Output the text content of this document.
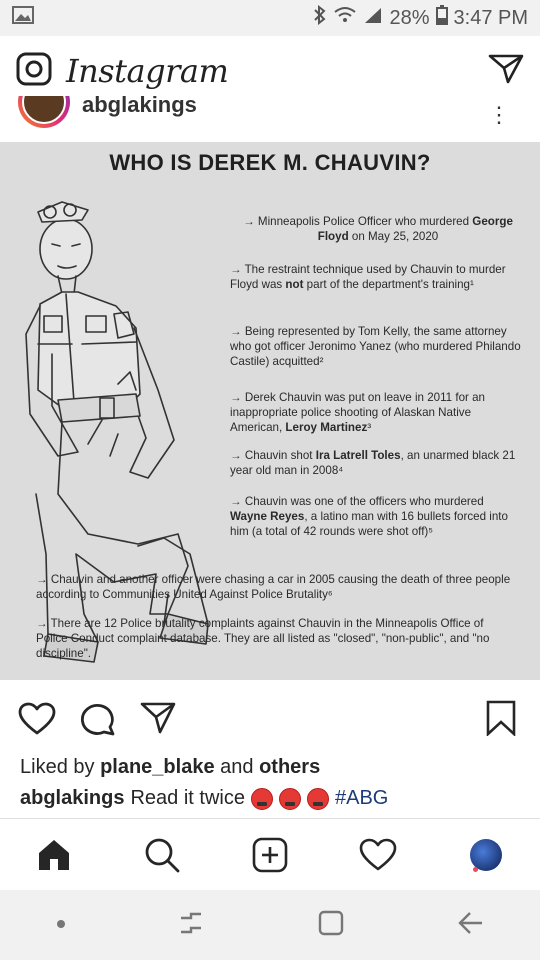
28% 3:47 PM
Instagram
abglakings	⋮
WHO IS DEREK M. CHAUVIN?
→ Minneapolis Police Officer who murdered George Floyd on May 25, 2020
→ The restraint technique used by Chauvin to murder Floyd was not part of the department's training¹
→ Being represented by Tom Kelly, the same attorney who got officer Jeronimo Yanez (who murdered Philando Castile) acquitted²
→ Derek Chauvin was put on leave in 2011 for an inappropriate police shooting of Alaskan Native American, Leroy Martinez³
→ Chauvin shot Ira Latrell Toles, an unarmed black 21 year old man in 2008⁴
→ Chauvin was one of the officers who murdered Wayne Reyes, a latino man with 16 bullets forced into him (a total of 42 rounds were shot off)⁵
→ Chauvin and another officer were chasing a car in 2005 causing the death of three people according to Communities United Against Police Brutality⁶
→ There are 12 Police brutality complaints against Chauvin in the Minneapolis Office of Police Conduct complaint database. They are all listed as "closed", "non-public", and "no discipline".
Liked by plane_blake and others
abglakings Read it twice	#ABG
